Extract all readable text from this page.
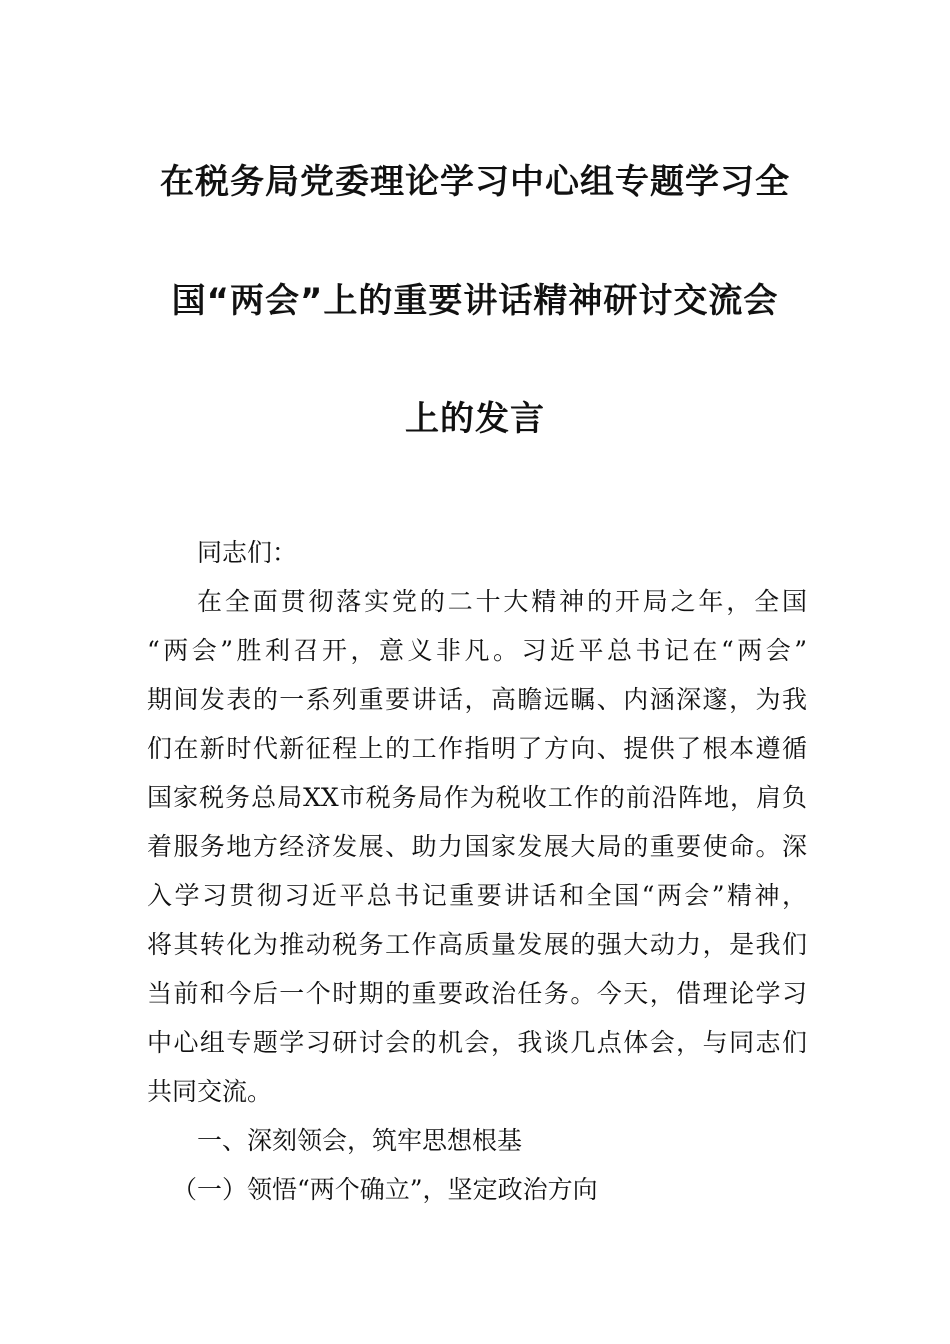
在税务局党委理论学习中心组专题学习全
国“两会”上的重要讲话精神研讨交流会
上的发言
同志们：
在全面贯彻落实党的二十大精神的开局之年，全国
“两会”胜利召开，意义非凡。习近平总书记在“两会”
期间发表的一系列重要讲话，高瞻远瞩、内涵深邃，为我
们在新时代新征程上的工作指明了方向、提供了根本遵循
国家税务总局XX市税务局作为税收工作的前沿阵地，肩负
着服务地方经济发展、助力国家发展大局的重要使命。深
入学习贯彻习近平总书记重要讲话和全国“两会”精神，
将其转化为推动税务工作高质量发展的强大动力，是我们
当前和今后一个时期的重要政治任务。今天，借理论学习
中心组专题学习研讨会的机会，我谈几点体会，与同志们
共同交流。
一、深刻领会，筑牢思想根基
（一）领悟“两个确立”，坚定政治方向
